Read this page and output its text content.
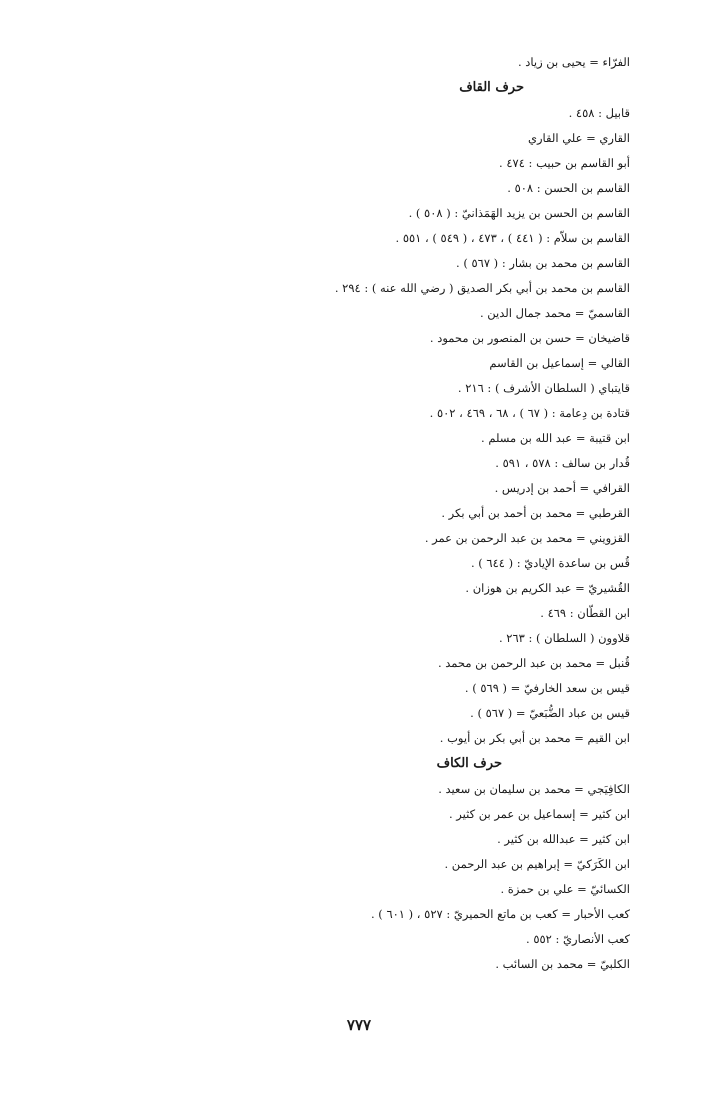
الفرّاء = يحيى بن زياد .
حرف القاف
قابيل : ٤٥٨ .
القاري = علي القاري
أبو القاسم بن حبيب : ٤٧٤ .
القاسم بن الحسن : ٥٠٨ .
القاسم بن الحسن بن يزيد الهَمَذانيّ : ( ٥٠٨ ) .
القاسم بن سلاّم : ( ٤٤١ ) ، ٤٧٣ ، ( ٥٤٩ ) ، ٥٥١ .
القاسم بن محمد بن بشار : ( ٥٦٧ ) .
القاسم بن محمد بن أبي بكر الصديق ( رضي الله عنه ) : ٢٩٤ .
القاسميّ = محمد جمال الدين .
قاضيخان = حسن بن المنصور بن محمود .
القالي = إسماعيل بن القاسم
قايتباي ( السلطان الأشرف ) : ٢١٦ .
قتادة بن دِعامة : ( ٦٧ ) ، ٦٨ ، ٤٦٩ ، ٥٠٢ .
ابن قتيبة = عبد الله بن مسلم .
قُدار بن سالف : ٥٧٨ ، ٥٩١ .
القرافي = أحمد بن إدريس .
القرطبي = محمد بن أحمد بن أبي بكر .
القزويني = محمد بن عبد الرحمن بن عمر .
قُس بن ساعدة الإياديّ : ( ٦٤٤ ) .
القُشيريّ = عبد الكريم بن هوزان .
ابن القطّان : ٤٦٩ .
قلاوون ( السلطان ) : ٢٦٣ .
قُنبل = محمد بن عبد الرحمن بن محمد .
قيس بن سعد الخارفيّ = ( ٥٦٩ ) .
قيس بن عباد الضُّبَعيّ = ( ٥٦٧ ) .
ابن القيم = محمد بن أبي بكر بن أيوب .
حرف الكاف
الكافِيَجي = محمد بن سليمان بن سعيد .
ابن كثير = إسماعيل بن عمر بن كثير .
ابن كثير = عبدالله بن كثير .
ابن الكَرَكيّ = إبراهيم بن عبد الرحمن .
الكسائيّ = علي بن حمزة .
كعب الأحبار = كعب بن ماتع الحميريّ : ٥٢٧ ، ( ٦٠١ ) .
كعب الأنصاريّ : ٥٥٢ .
الكلبيّ = محمد بن السائب .
٧٧٧
